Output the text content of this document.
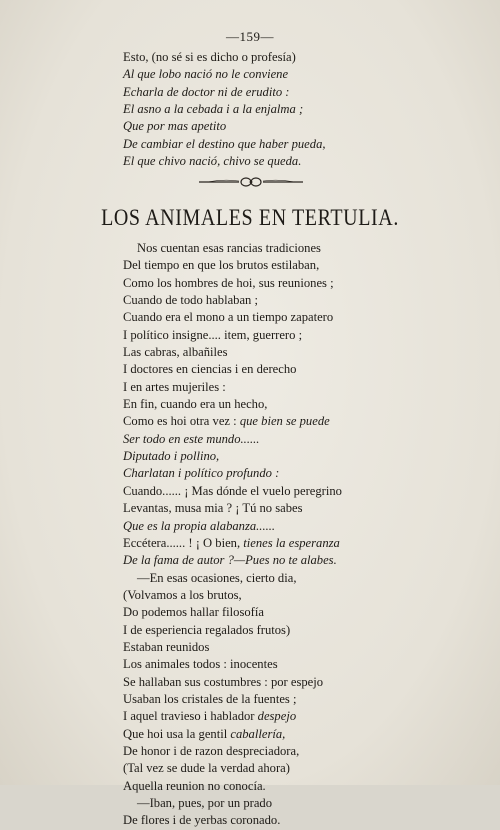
—159—
Esto, (no sé si es dicho o profesía)
Al que lobo nació no le conviene
Echarla de doctor ni de erudito :
El asno a la cebada i a la enjalma ;
Que por mas apetito
De cambiar el destino que haber pueda,
El que chivo nació, chivo se queda.
LOS ANIMALES EN TERTULIA.
Nos cuentan esas rancias tradiciones
Del tiempo en que los brutos estilaban,
Como los hombres de hoi, sus reuniones ;
Cuando de todo hablaban ;
Cuando era el mono a un tiempo zapatero
I político insigne.... item, guerrero ;
Las cabras, albañiles
I doctores en ciencias i en derecho
I en artes mujeriles :
En fin, cuando era un hecho,
Como es hoi otra vez : que bien se puede
Ser todo en este mundo......
Diputado i pollino,
Charlatan i político profundo :
Cuando...... ¡ Mas dónde el vuelo peregrino
Levantas, musa mia ? ¡ Tú no sabes
Que es la propia alabanza......
Eccétera...... ! ¡ O bien, tienes la esperanza
De la fama de autor ?—Pues no te alabes.
—En esas ocasiones, cierto dia,
(Volvamos a los brutos,
Do podemos hallar filosofía
I de esperiencia regalados frutos)
Estaban reunidos
Los animales todos : inocentes
Se hallaban sus costumbres : por espejo
Usaban los cristales de la fuentes ;
I aquel travieso i hablador despejo
Que hoi usa la gentil caballería,
De honor i de razon despreciadora,
(Tal vez se dude la verdad ahora)
Aquella reunion no conocía.
—Iban, pues, por un prado
De flores i de yerbas coronado.
